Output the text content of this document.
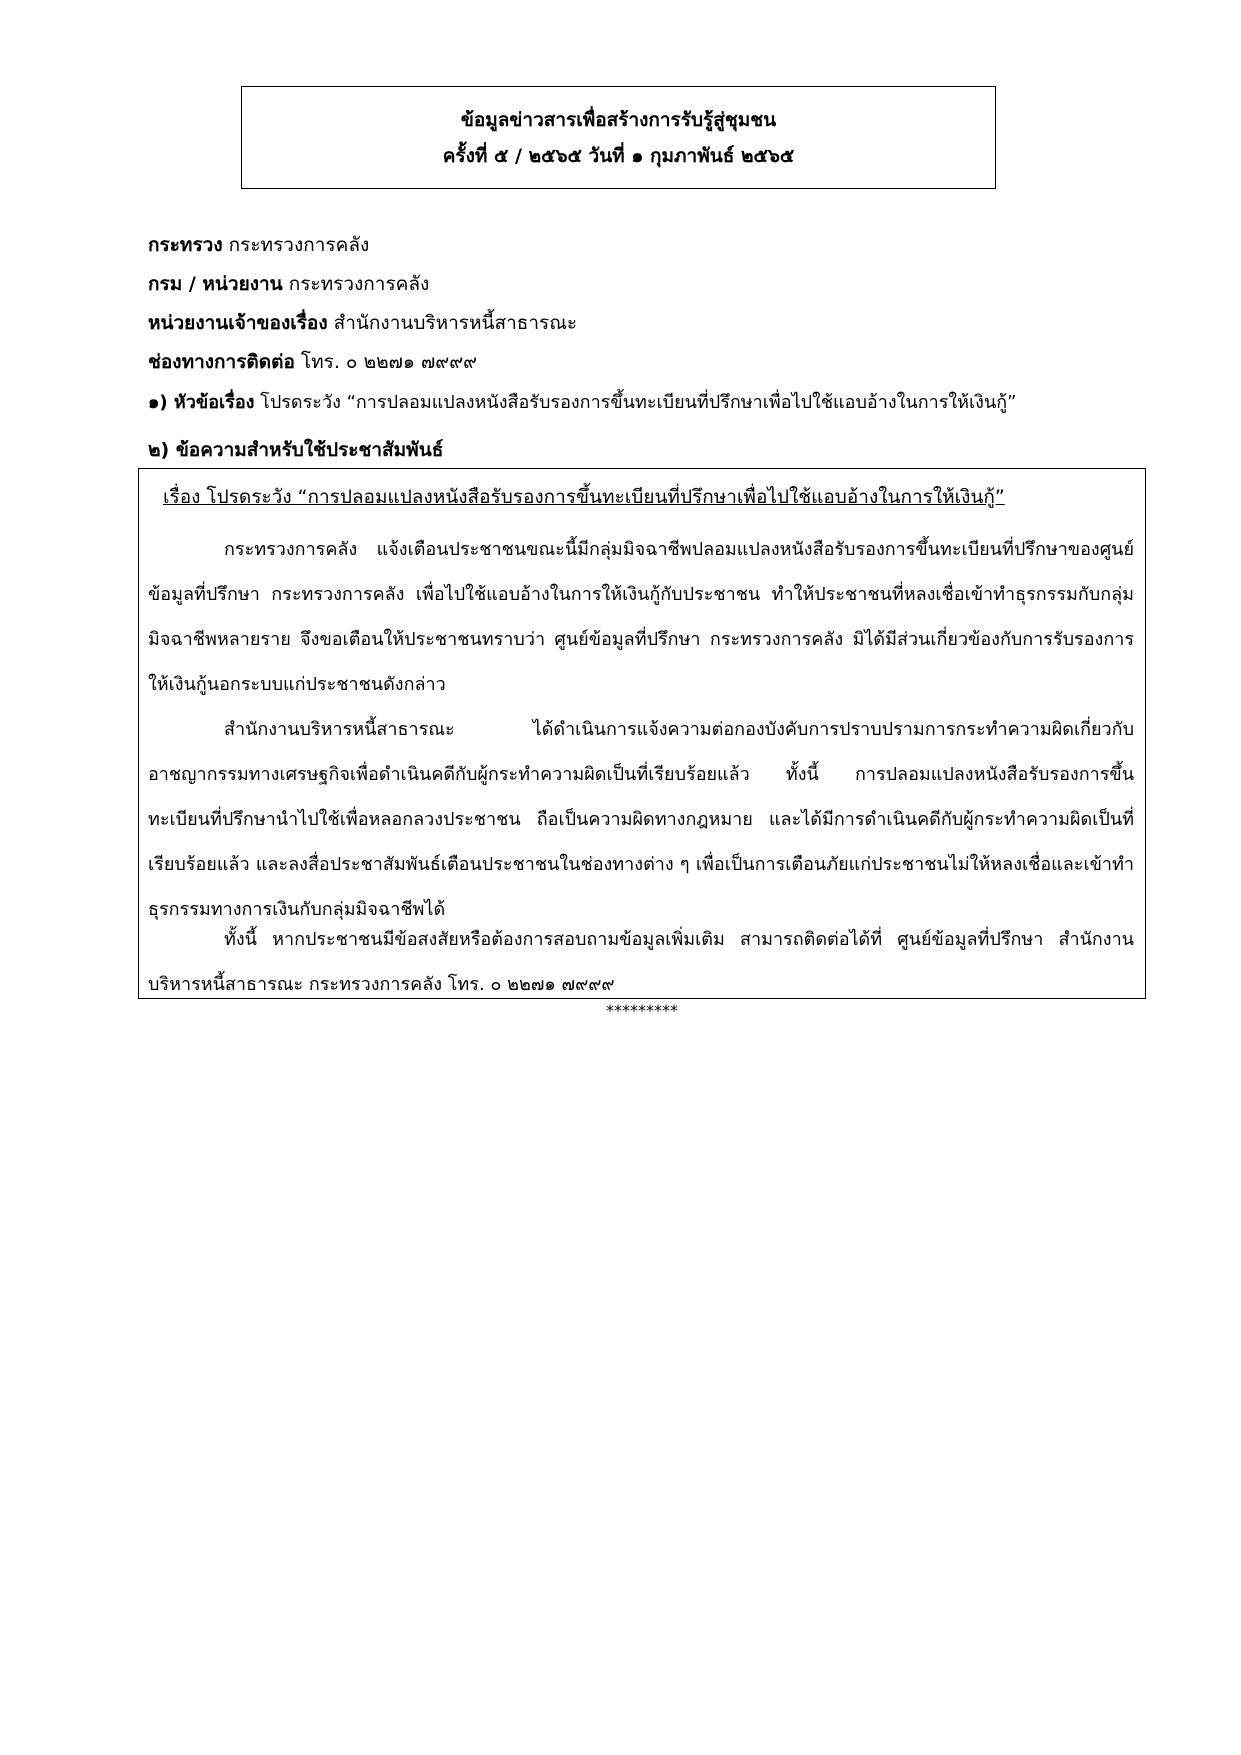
ข้อมูลข่าวสารเพื่อสร้างการรับรู้สู่ชุมชน
ครั้งที่ ๕ / ๒๕๖๕ วันที่ ๑ กุมภาพันธ์ ๒๕๖๕
กระทรวง กระทรวงการคลัง
กรม / หน่วยงาน กระทรวงการคลัง
หน่วยงานเจ้าของเรื่อง สำนักงานบริหารหนี้สาธารณะ
ช่องทางการติดต่อ โทร. ๐ ๒๒๗๑ ๗๙๙๙
๑) หัวข้อเรื่อง โปรดระวัง “การปลอมแปลงหนังสือรับรองการขึ้นทะเบียนที่ปรึกษาเพื่อไปใช้แอบอ้างในการให้เงินกู้”
๒) ข้อความสำหรับใช้ประชาสัมพันธ์
เรื่อง โปรดระวัง “การปลอมแปลงหนังสือรับรองการขึ้นทะเบียนที่ปรึกษาเพื่อไปใช้แอบอ้างในการให้เงินกู้”

กระทรวงการคลัง แจ้งเตือนประชาชนขณะนี้มีกลุ่มมิจฉาชีพปลอมแปลงหนังสือรับรองการขึ้นทะเบียนที่ปรึกษาของศูนย์ข้อมูลที่ปรึกษา กระทรวงการคลัง เพื่อไปใช้แอบอ้างในการให้เงินกู้กับประชาชน ทำให้ประชาชนที่หลงเชื่อเข้าทำธุรกรรมกับกลุ่มมิจฉาชีพหลายราย จึงขอเตือนให้ประชาชนทราบว่า ศูนย์ข้อมูลที่ปรึกษา กระทรวงการคลัง มิได้มีส่วนเกี่ยวข้องกับการรับรองการให้เงินกู้นอกระบบแก่ประชาชนดังกล่าว

สำนักงานบริหารหนี้สาธารณะ ได้ดำเนินการแจ้งความต่อกองบังคับการปราบปรามการกระทำความผิดเกี่ยวกับอาชญากรรมทางเศรษฐกิจเพื่อดำเนินคดีกับผู้กระทำความผิดเป็นที่เรียบร้อยแล้ว ทั้งนี้ การปลอมแปลงหนังสือรับรองการขึ้นทะเบียนที่ปรึกษานำไปใช้เพื่อหลอกลวงประชาชน ถือเป็นความผิดทางกฎหมาย และได้มีการดำเนินคดีกับผู้กระทำความผิดเป็นที่เรียบร้อยแล้ว และลงสื่อประชาสัมพันธ์เตือนประชาชนในช่องทางต่าง ๆ เพื่อเป็นการเตือนภัยแก่ประชาชนไม่ให้หลงเชื่อและเข้าทำธุรกรรมทางการเงินกับกลุ่มมิจฉาชีพได้

ทั้งนี้ หากประชาชนมีข้อสงสัยหรือต้องการสอบถามข้อมูลเพิ่มเติม สามารถติดต่อได้ที่ ศูนย์ข้อมูลที่ปรึกษา สำนักงานบริหารหนี้สาธารณะ กระทรวงการคลัง โทร. ๐ ๒๒๗๑ ๗๙๙๙

*********
